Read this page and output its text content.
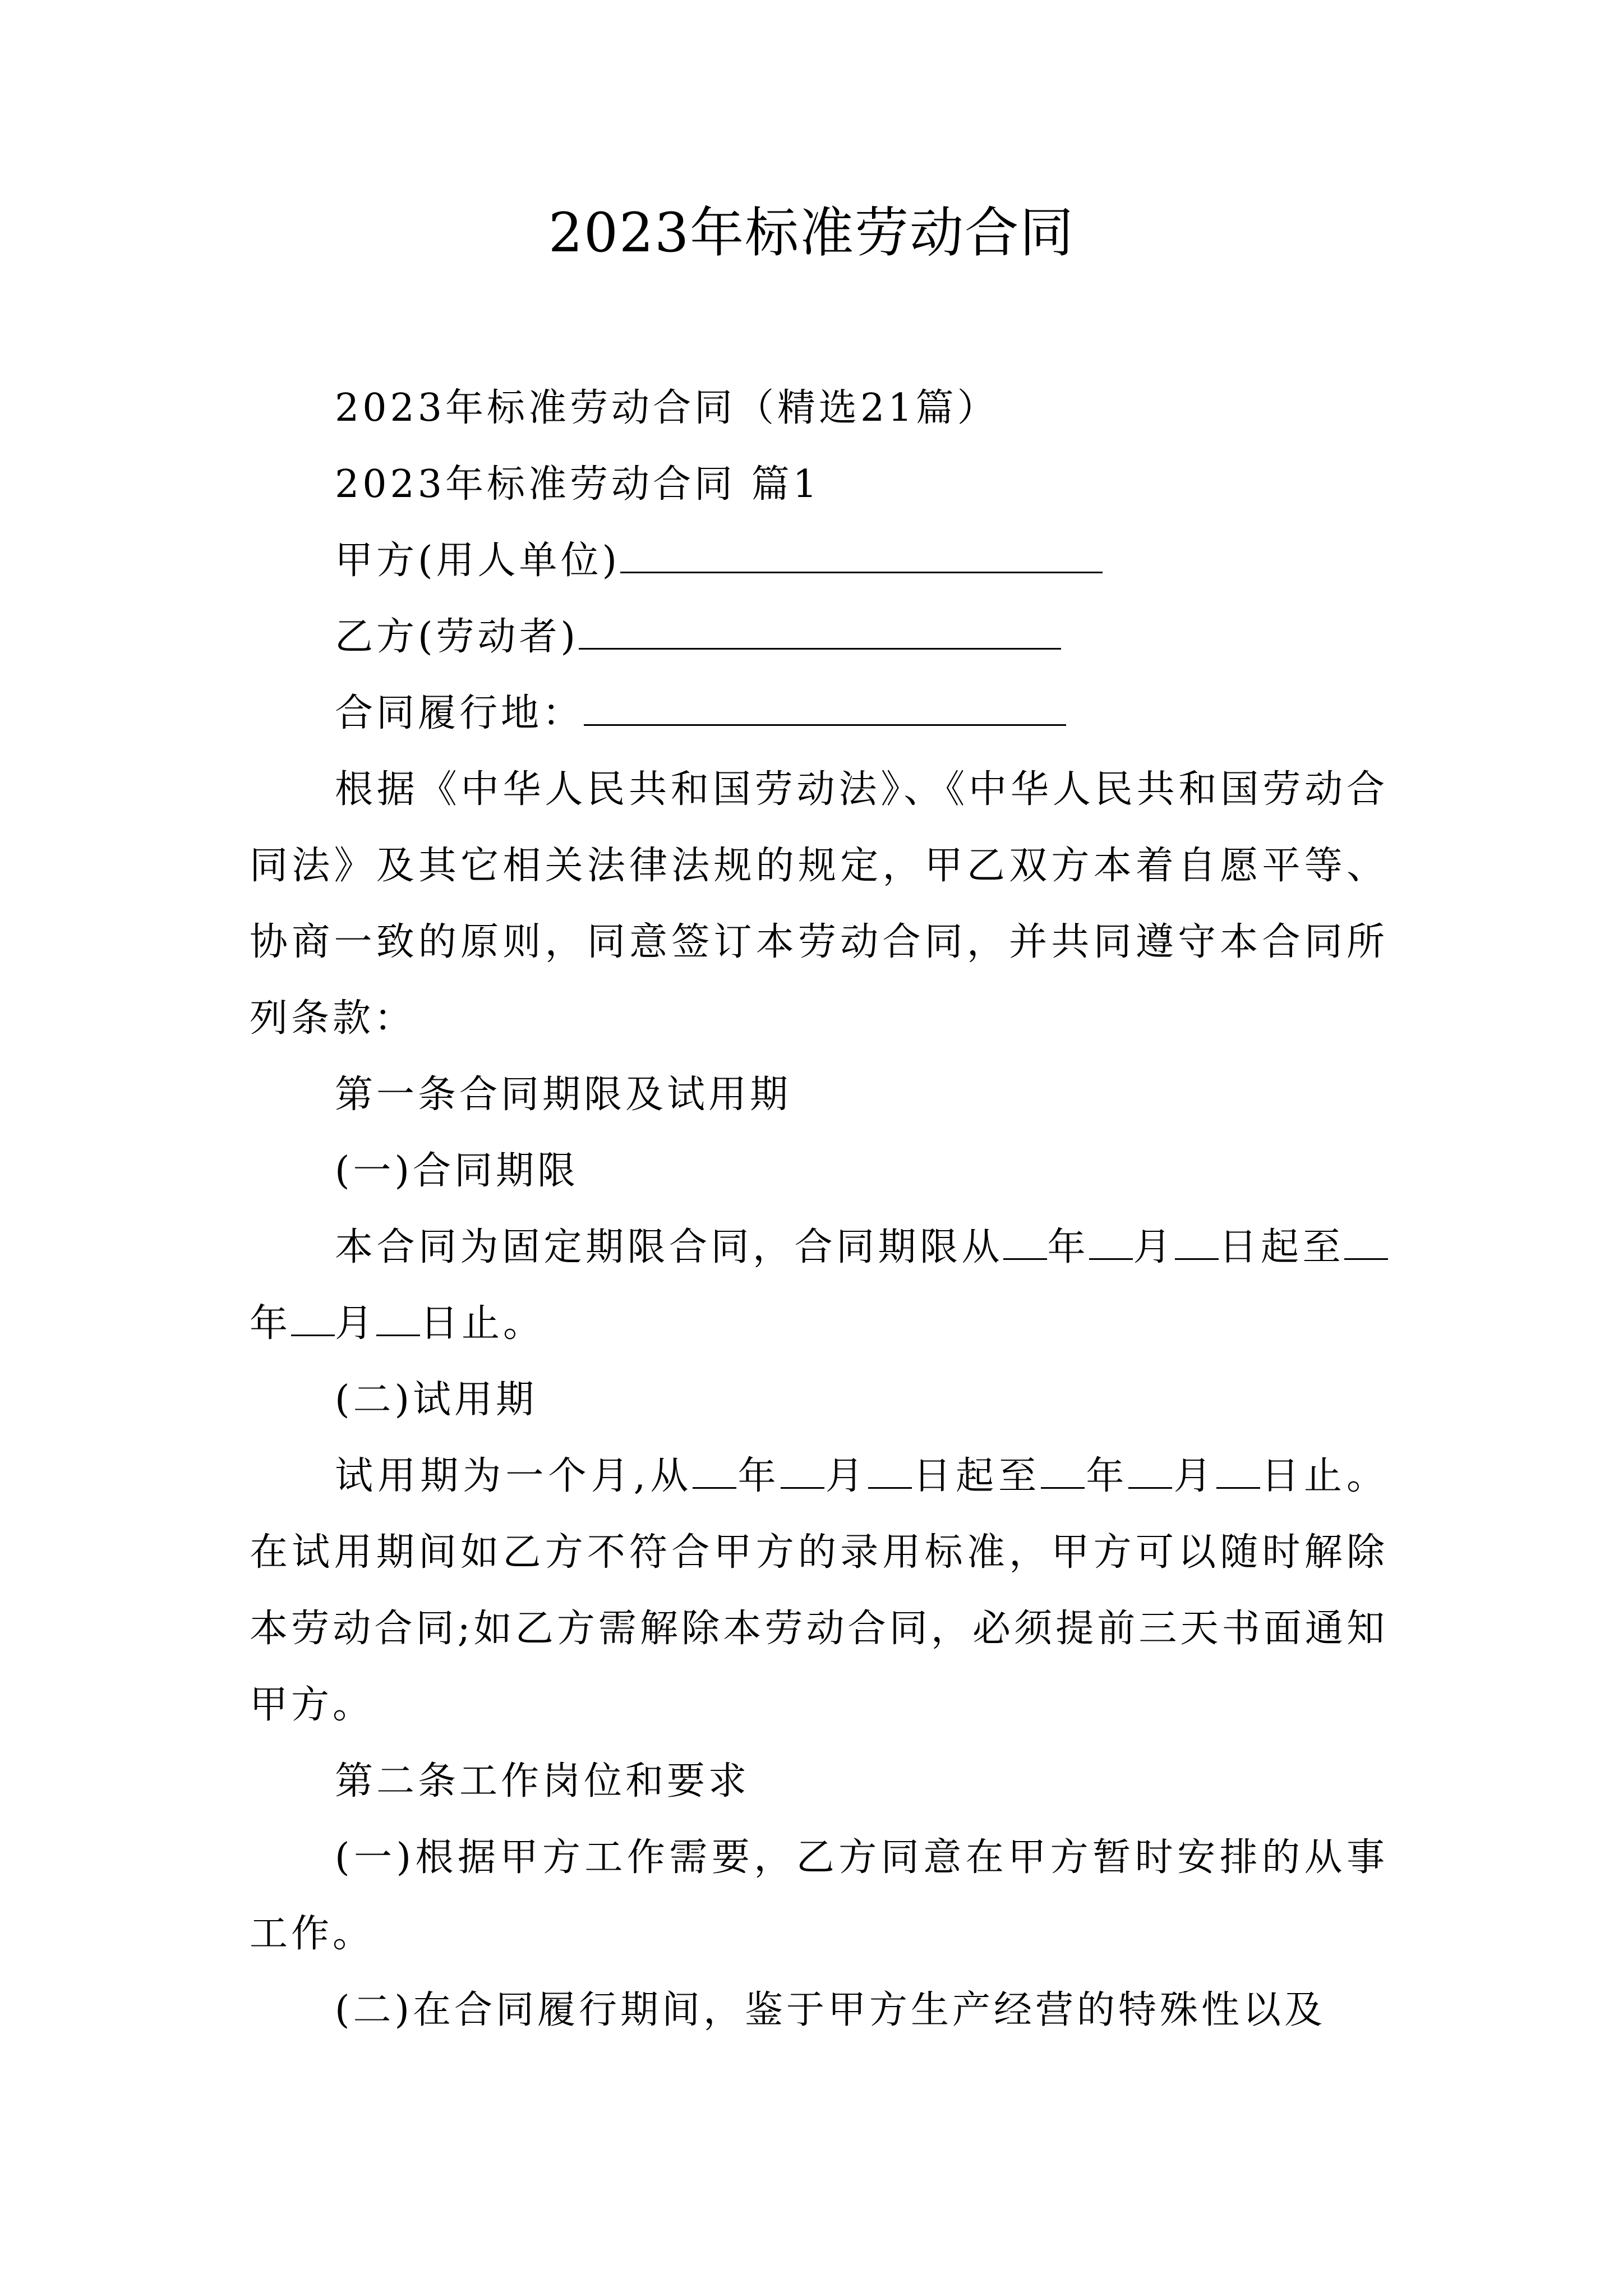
2023年标准劳动合同

2023年标准劳动合同（精选21篇）

2023年标准劳动合同 篇1

甲方(用人单位)

乙方(劳动者)

合同履行地：

根据《中华人民共和国劳动法》、《中华人民共和国劳动合同法》及其它相关法律法规的规定，甲乙双方本着自愿平等、协商一致的原则，同意签订本劳动合同，并共同遵守本合同所列条款：

第一条合同期限及试用期

(一)合同期限

本合同为固定期限合同，合同期限从 年 月 日起至年 月 日止。

(二)试用期

试用期为一个月,从 年 月 日起至 年 月 日止。在试用期间如乙方不符合甲方的录用标准，甲方可以随时解除本劳动合同;如乙方需解除本劳动合同，必须提前三天书面通知甲方。

第二条工作岗位和要求

(一)根据甲方工作需要，乙方同意在甲方暂时安排的从事工作。

(二)在合同履行期间，鉴于甲方生产经营的特殊性以及
